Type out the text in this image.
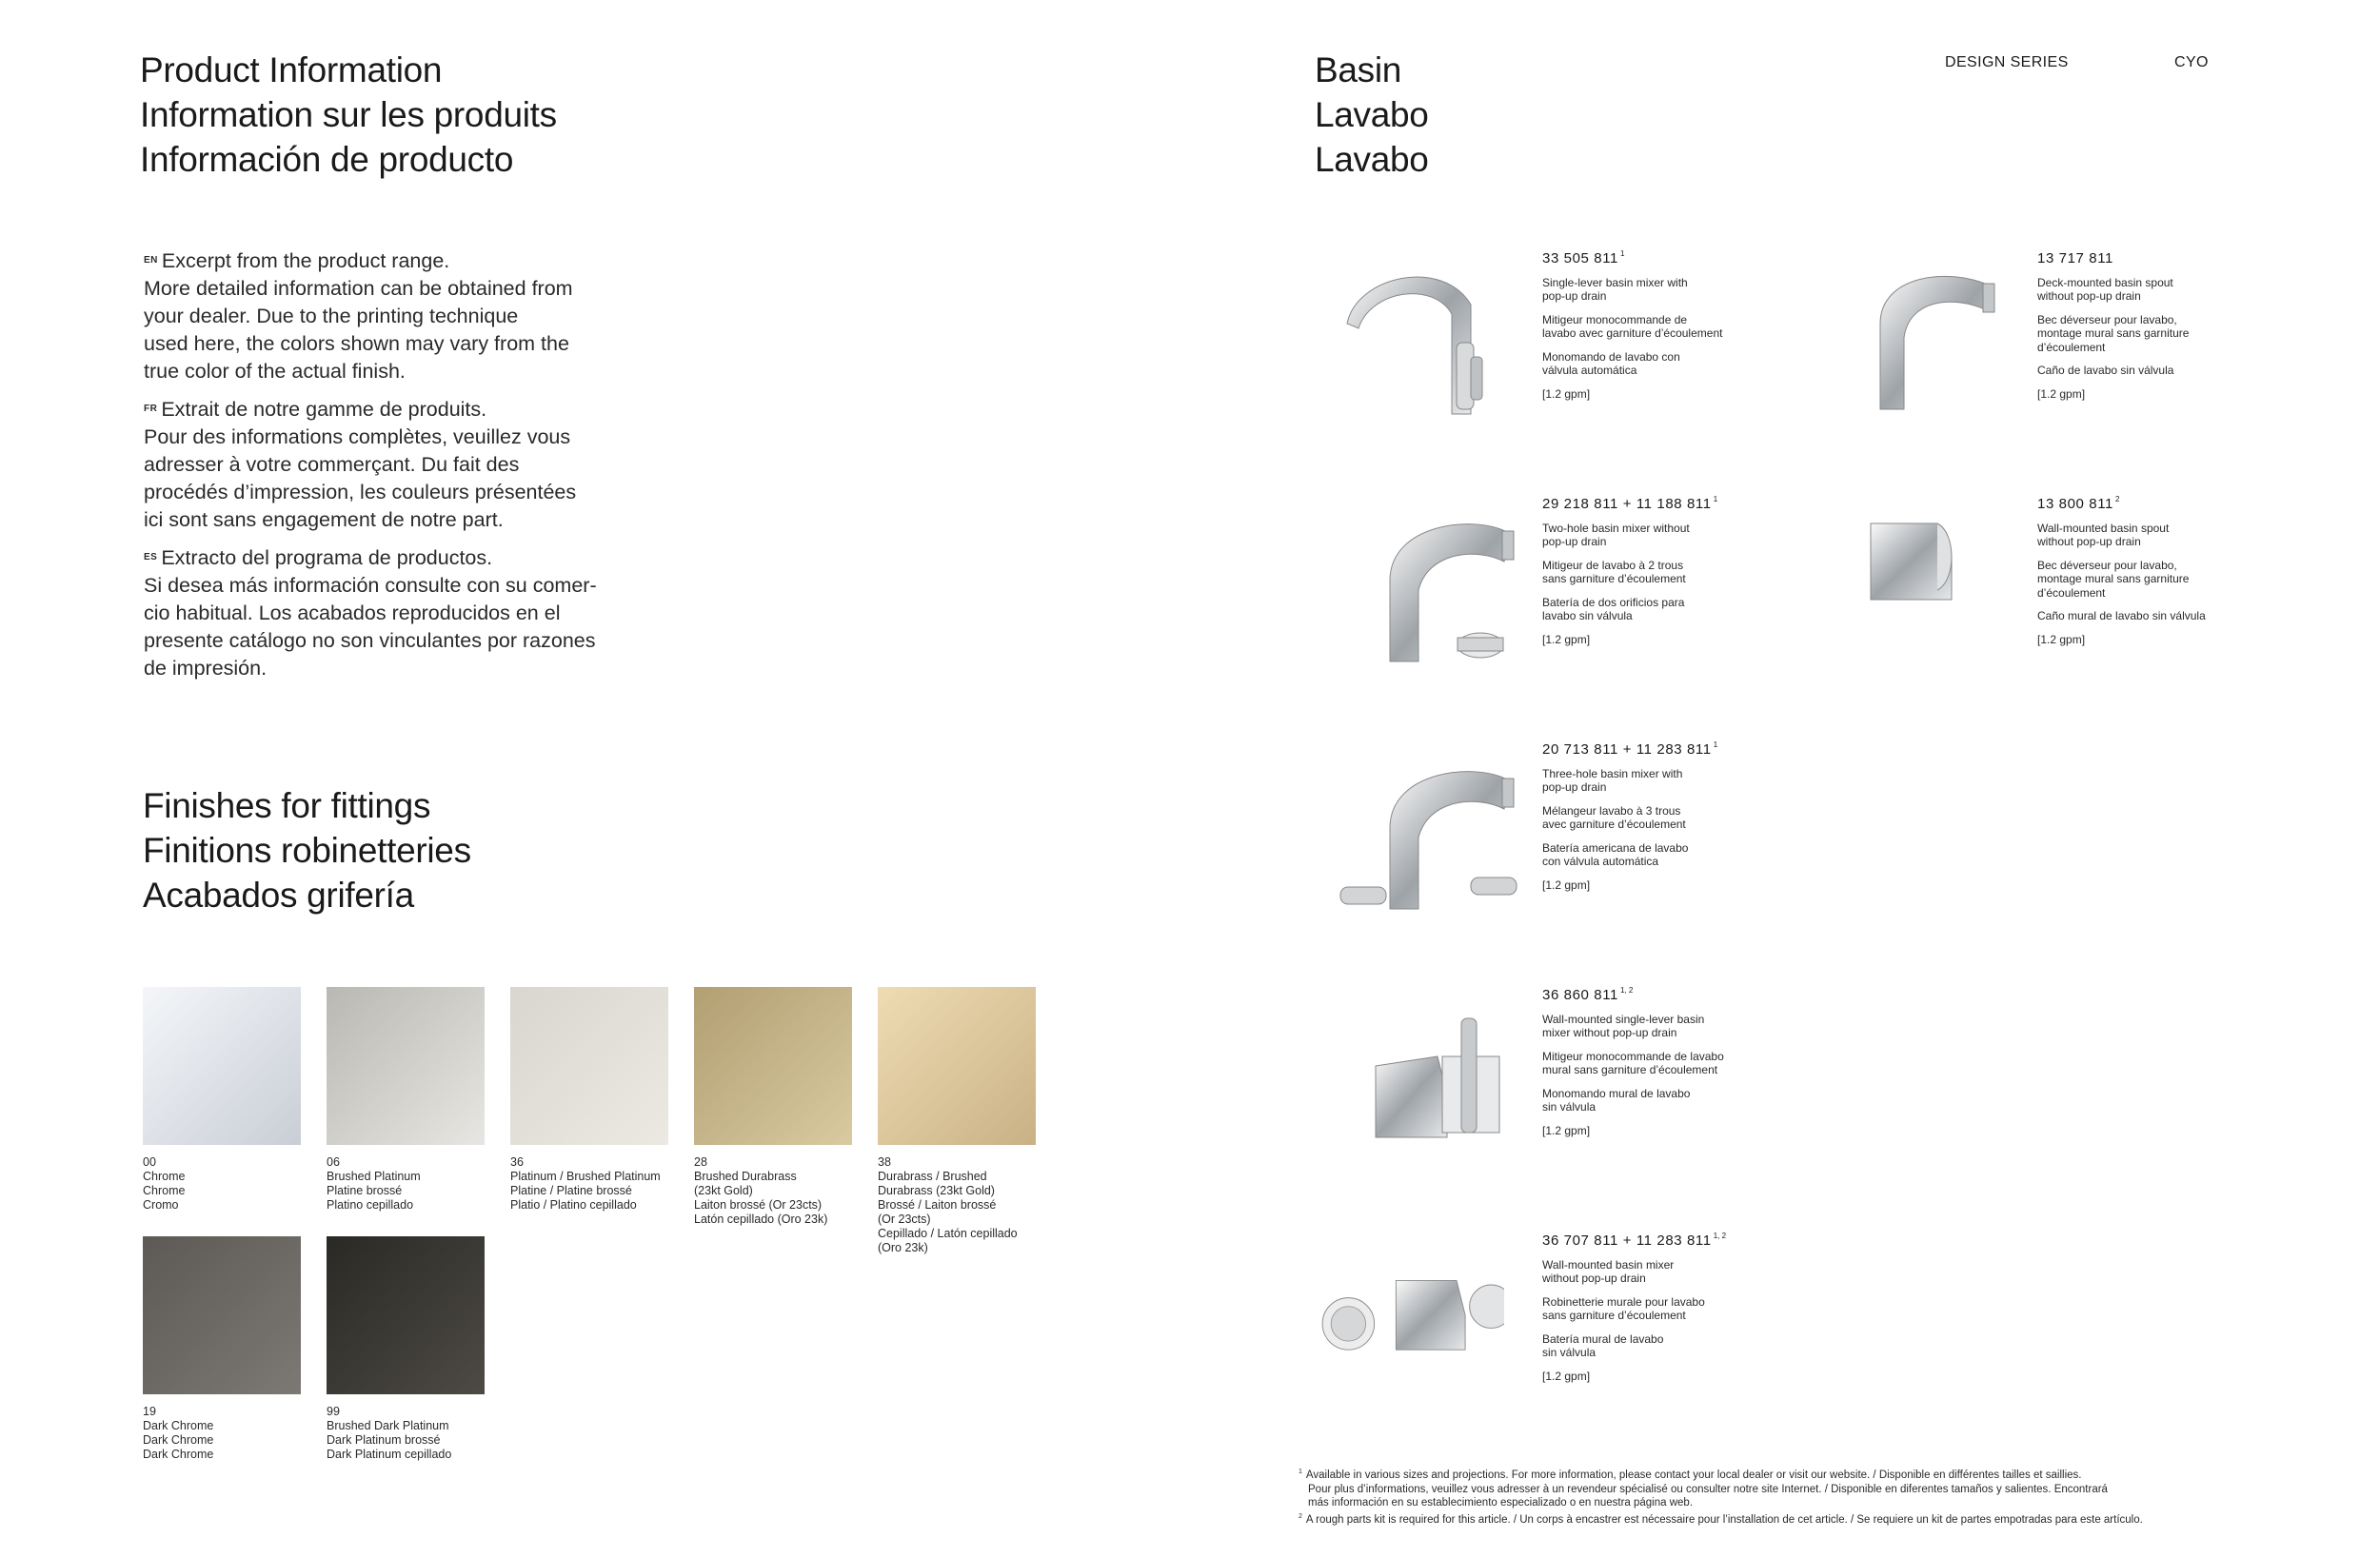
Product Information
Information sur les produits
Información de producto

$^{EN}$ Excerpt from the product range.
More detailed information can be obtained from
your dealer. Due to the printing technique
used here, the colors shown may vary from the
true color of the actual finish.

$^{FR}$ Extrait de notre gamme de produits.
Pour des informations complètes, veuillez vous
adresser à votre commerçant. Du fait des
procédés d’impression, les couleurs présentées
ici sont sans engagement de notre part.

$^{ES}$ Extracto del programa de productos.
Si desea más información consulte con su comer-
cio habitual. Los acabados reproducidos en el
presente catálogo no son vinculantes por razones
de impresión.

Finishes for fittings
Finitions robinetteries
Acabados grifería
00
Chrome
Chrome
Cromo
06
Brushed Platinum
Platine brossé
Platino cepillado
36
Platinum / Brushed Platinum
Platine / Platine brossé
Platio / Platino cepillado
28
Brushed Durabrass
(23kt Gold)
Laiton brossé (Or 23cts)
Latón cepillado (Oro 23k)
38
Durabrass / Brushed
Durabrass (23kt Gold)
Brossé / Laiton brossé
(Or 23cts)
Cepillado / Latón cepillado
(Oro 23k)
19
Dark Chrome
Dark Chrome
Dark Chrome
99
Brushed Dark Platinum
Dark Platinum brossé
Dark Platinum cepillado
Basin
Lavabo
Lavabo
DESIGN SERIES	CYO
33 505 811 $^1$
Single-lever basin mixer with
pop-up drain
Mitigeur monocommande de
lavabo avec garniture d’écoulement
Monomando de lavabo con
válvula automática
[1.2 gpm]
13 717 811
Deck-mounted basin spout
without pop-up drain
Bec déverseur pour lavabo,
montage mural sans garniture
d’écoulement
Caño de lavabo sin válvula
[1.2 gpm]
29 218 811 + 11 188 811 $^1$
Two-hole basin mixer without
pop-up drain
Mitigeur de lavabo à 2 trous
sans garniture d’écoulement
Batería de dos orificios para
lavabo sin válvula
[1.2 gpm]
13 800 811 $^2$
Wall-mounted basin spout
without pop-up drain
Bec déverseur pour lavabo,
montage mural sans garniture
d’écoulement
Caño mural de lavabo sin válvula
[1.2 gpm]
20 713 811 + 11 283 811 $^1$
Three-hole basin mixer with
pop-up drain
Mélangeur lavabo à 3 trous
avec garniture d’écoulement
Batería americana de lavabo
con válvula automática
[1.2 gpm]
36 860 811 $^{1, 2}$
Wall-mounted single-lever basin
mixer without pop-up drain
Mitigeur monocommande de lavabo
mural sans garniture d’écoulement
Monomando mural de lavabo
sin válvula
[1.2 gpm]
36 707 811 + 11 283 811 $^{1, 2}$
Wall-mounted basin mixer
without pop-up drain
Robinetterie murale pour lavabo
sans garniture d’écoulement
Batería mural de lavabo
sin válvula
[1.2 gpm]
$^1$ Available in various sizes and projections. For more information, please contact your local dealer or visit our website. / Disponible en différentes tailles et saillies.
Pour plus d’informations, veuillez vous adresser à un revendeur spécialisé ou consulter notre site Internet. / Disponible en diferentes tamaños y salientes. Encontrará
más información en su establecimiento especializado o en nuestra página web.
$^2$ A rough parts kit is required for this article. / Un corps à encastrer est nécessaire pour l’installation de cet article. / Se requiere un kit de partes empotradas para este artículo.
